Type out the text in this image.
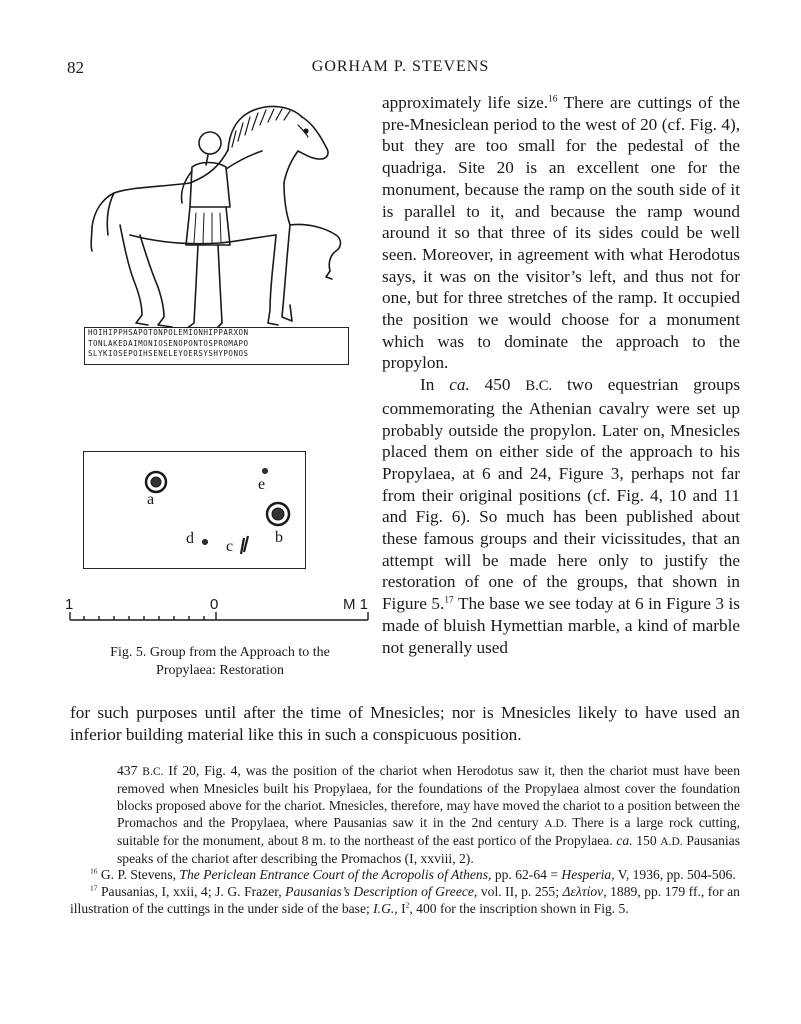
82	GORHAM P. STEVENS
HOIHIPPHSAPOTONPOLEMIONHIPPARXON
TONLAKEDAIMONIOSENOPONTOSPROMAPO
SLYKIOSEPOIHSENELEYOERSYSHYPONOS
a
b
c
d
e
1	0	M 1
Fig. 5. Group from the Approach to the
Propylaea: Restoration

approximately life size.$^{16}$ There are cuttings of the pre-Mnesiclean period to the west of 20 (cf. Fig. 4), but they are too small for the pedestal of the quadriga. Site 20 is an excellent one for the monument, because the ramp on the south side of it is parallel to it, and because the ramp wound around it so that three of its sides could be well seen. Moreover, in agreement with what Herodotus says, it was on the visitor’s left, and thus not for one, but for three stretches of the ramp. It occupied the position we would choose for a monument which was to dominate the approach to the propylon.

In ca. 450 B.C. two equestrian groups commemorating the Athenian cavalry were set up probably outside the propylon. Later on, Mnesicles placed them on either side of the approach to his Propylaea, at 6 and 24, Figure 3, perhaps not far from their original positions (cf. Fig. 4, 10 and 11 and Fig. 6). So much has been published about these famous groups and their vicissitudes, that an attempt will be made here only to justify the restoration of one of the groups, that shown in Figure 5.17 The base we see today at 6 in Figure 3 is made of bluish Hymettian marble, a kind of marble not generally used

for such purposes until after the time of Mnesicles; nor is Mnesicles likely to have used an inferior building material like this in such a conspicuous position.

437 B.C. If 20, Fig. 4, was the position of the chariot when Herodotus saw it, then the chariot must have been removed when Mnesicles built his Propylaea, for the foundations of the Propylaea almost cover the foundation blocks proposed above for the chariot. Mnesicles, therefore, may have moved the chariot to a position between the Promachos and the Propylaea, where Pausanias saw it in the 2nd century A.D. There is a large rock cutting, suitable for the monument, about 8 m. to the northeast of the east portico of the Propylaea. ca. 150 A.D. Pausanias speaks of the chariot after describing the Promachos (I, xxviii, 2).

$^{16}$ G. P. Stevens, The Periclean Entrance Court of the Acropolis of Athens, pp. 62-64 = Hesperia, V, 1936, pp. 504-506.

$^{17}$ Pausanias, I, xxii, 4; J. G. Frazer, Pausanias’s Description of Greece, vol. II, p. 255; Δελτίον, 1889, pp. 179 ff., for an illustration of the cuttings in the under side of the base; I.G., $I^2$, 400 for the inscription shown in Fig. 5.
